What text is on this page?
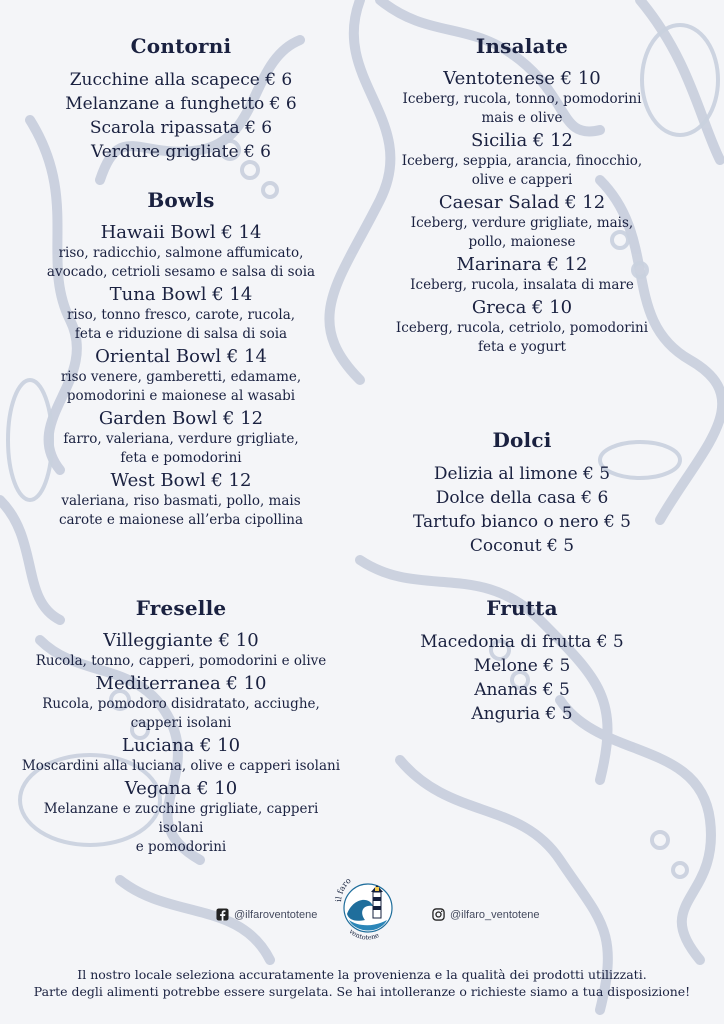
Contorni
Zucchine alla scapece € 6
Melanzane a funghetto € 6
Scarola ripassata € 6
Verdure grigliate € 6
Bowls
Hawaii Bowl € 14
riso, radicchio, salmone affumicato,
avocado, cetrioli sesamo e salsa di soia
Tuna Bowl € 14
riso, tonno fresco, carote, rucola,
feta e riduzione di salsa di soia
Oriental Bowl € 14
riso venere, gamberetti, edamame,
pomodorini e maionese al wasabi
Garden Bowl € 12
farro, valeriana, verdure grigliate,
feta e pomodorini
West Bowl € 12
valeriana, riso basmati, pollo, mais
carote e maionese all’erba cipollina
Freselle
Villeggiante € 10
Rucola, tonno, capperi, pomodorini e olive
Mediterranea € 10
Rucola, pomodoro disidratato, acciughe,
capperi isolani
Luciana € 10
Moscardini alla luciana, olive e capperi isolani
Vegana € 10
Melanzane e zucchine grigliate, capperi isolani
e pomodorini
Insalate
Ventotenese € 10
Iceberg, rucola, tonno, pomodorini
mais e olive
Sicilia € 12
Iceberg, seppia, arancia, finocchio,
olive e capperi
Caesar Salad € 12
Iceberg, verdure grigliate, mais,
pollo, maionese
Marinara € 12
Iceberg, rucola, insalata di mare
Greca € 10
Iceberg, rucola, cetriolo, pomodorini
feta e yogurt
Dolci
Delizia al limone € 5
Dolce della casa € 6
Tartufo bianco o nero € 5
Coconut € 5
Frutta
Macedonia di frutta € 5
Melone € 5
Ananas € 5
Anguria € 5
@ilfaroventotene	@ilfaro_ventotene
il faro
ventotene
Il nostro locale seleziona accuratamente la provenienza e la qualità dei prodotti utilizzati.
Parte degli alimenti potrebbe essere surgelata. Se hai intolleranze o richieste siamo a tua disposizione!
